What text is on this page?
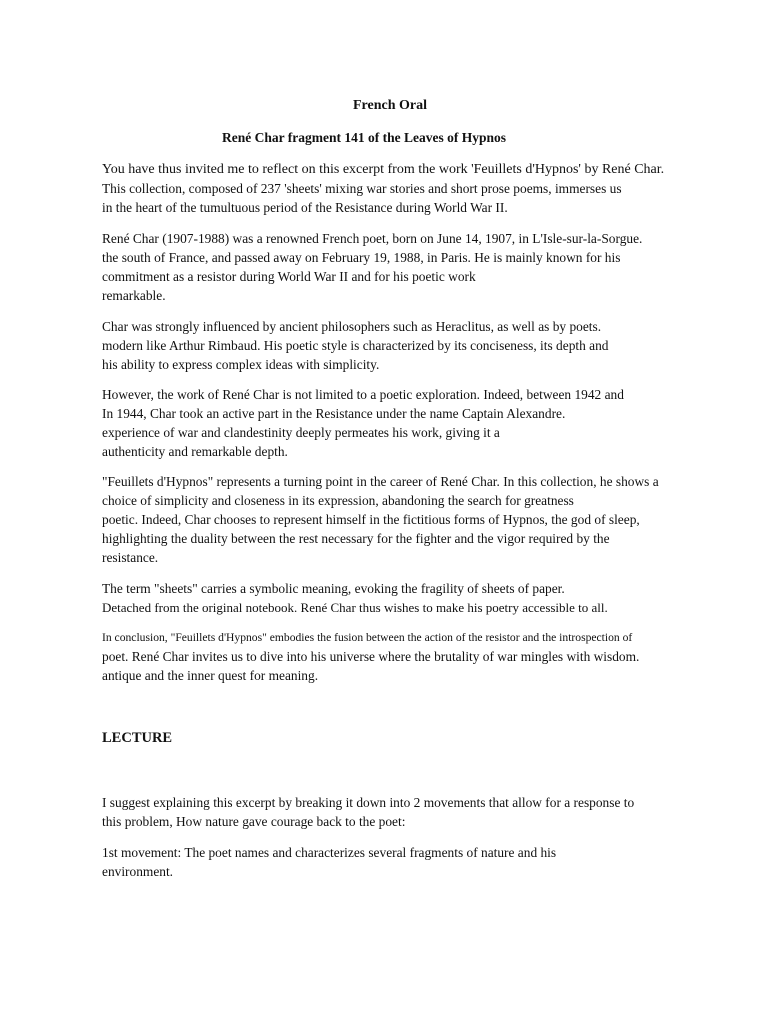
French Oral
René Char fragment 141 of the Leaves of Hypnos

You have thus invited me to reflect on this excerpt from the work 'Feuillets d'Hypnos' by René Char.
This collection, composed of 237 'sheets' mixing war stories and short prose poems, immerses us
in the heart of the tumultuous period of the Resistance during World War II.

René Char (1907-1988) was a renowned French poet, born on June 14, 1907, in L'Isle-sur-la-Sorgue.
the south of France, and passed away on February 19, 1988, in Paris. He is mainly known for his
commitment as a resistor during World War II and for his poetic work
remarkable.

Char was strongly influenced by ancient philosophers such as Heraclitus, as well as by poets.
modern like Arthur Rimbaud. His poetic style is characterized by its conciseness, its depth and
his ability to express complex ideas with simplicity.

However, the work of René Char is not limited to a poetic exploration. Indeed, between 1942 and
In 1944, Char took an active part in the Resistance under the name Captain Alexandre.
experience of war and clandestinity deeply permeates his work, giving it a
authenticity and remarkable depth.

"Feuillets d'Hypnos" represents a turning point in the career of René Char. In this collection, he shows a
choice of simplicity and closeness in its expression, abandoning the search for greatness
poetic. Indeed, Char chooses to represent himself in the fictitious forms of Hypnos, the god of sleep,
highlighting the duality between the rest necessary for the fighter and the vigor required by the
resistance.

The term "sheets" carries a symbolic meaning, evoking the fragility of sheets of paper.
Detached from the original notebook. René Char thus wishes to make his poetry accessible to all.

In conclusion, "Feuillets d'Hypnos" embodies the fusion between the action of the resistor and the introspection of
poet. René Char invites us to dive into his universe where the brutality of war mingles with wisdom.
antique and the inner quest for meaning.

LECTURE

I suggest explaining this excerpt by breaking it down into 2 movements that allow for a response to
this problem, How nature gave courage back to the poet:

1st movement: The poet names and characterizes several fragments of nature and his
environment.
